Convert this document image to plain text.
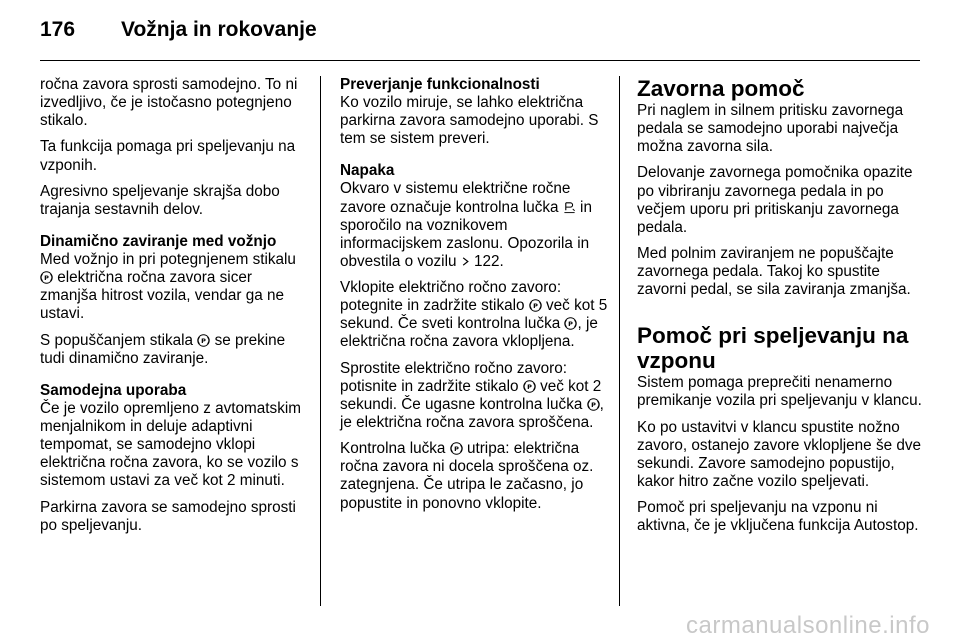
176 Vožnja in rokovanje

ročna zavora sprosti samodejno. To ni izvedljivo, če je istočasno potegnjeno stikalo.

Ta funkcija pomaga pri speljevanju na vzponih.

Agresivno speljevanje skrajša dobo trajanja sestavnih delov.

Dinamično zaviranje med vožnjo
Med vožnjo in pri potegnjenem stikalu
P električna ročna zavora sicer zmanjša hitrost vozila, vendar ga ne ustavi.

S popuščanjem stikala P se prekine tudi dinamično zaviranje.

Samodejna uporaba
Če je vozilo opremljeno z avtomatskim menjalnikom in deluje adaptivni tempomat, se samodejno vklopi električna ročna zavora, ko se vozilo s sistemom ustavi za več kot 2 minuti.

Parkirna zavora se samodejno sprosti po speljevanju.

Preverjanje funkcionalnosti
Ko vozilo miruje, se lahko električna parkirna zavora samodejno uporabi. S tem se sistem preveri.

Napaka
Okvaro v sistemu električne ročne zavore označuje kontrolna lučka in sporočilo na voznikovem informacijskem zaslonu. Opozorila in obvestila o vozilu 122.

Vklopite električno ročno zavoro: potegnite in zadržite stikalo P več kot 5 sekund. Če sveti kontrolna lučka P , je električna ročna zavora vklopljena.

Sprostite električno ročno zavoro: potisnite in zadržite stikalo P več kot 2 sekundi. Če ugasne kontrolna lučka P , je električna ročna zavora sproščena.

Kontrolna lučka P utripa: električna ročna zavora ni docela sproščena oz. zategnjena. Če utripa le začasno, jo popustite in ponovno vklopite.

Zavorna pomoč

Pri naglem in silnem pritisku zavornega pedala se samodejno uporabi največja možna zavorna sila.

Delovanje zavornega pomočnika opazite po vibriranju zavornega pedala in po večjem uporu pri pritiskanju zavornega pedala.

Med polnim zaviranjem ne popuščajte zavornega pedala. Takoj ko spustite zavorni pedal, se sila zaviranja zmanjša.

Pomoč pri speljevanju na vzponu

Sistem pomaga preprečiti nenamerno premikanje vozila pri speljevanju v klancu.

Ko po ustavitvi v klancu spustite nožno zavoro, ostanejo zavore vklopljene še dve sekundi. Zavore samodejno popustijo, kakor hitro začne vozilo speljevati.

Pomoč pri speljevanju na vzponu ni aktivna, če je vključena funkcija Autostop.

carmanualsonline.info
